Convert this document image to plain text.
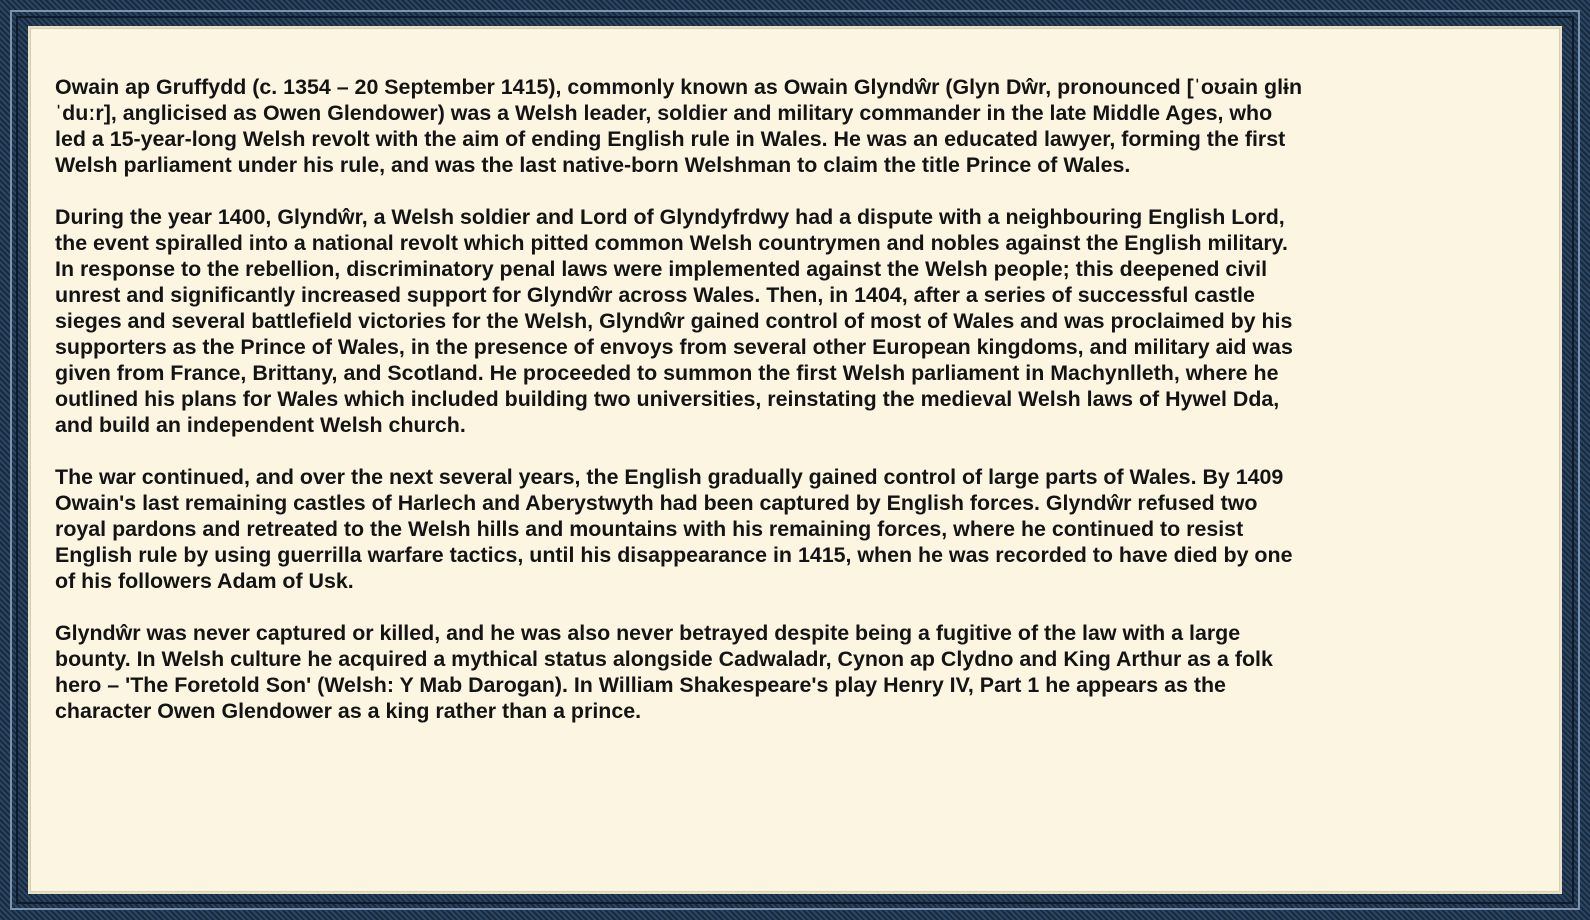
Owain ap Gruffydd (c. 1354 – 20 September 1415), commonly known as Owain Glyndŵr (Glyn Dŵr, pronounced [ˈoʊain glɨnˈduːr], anglicised as Owen Glendower) was a Welsh leader, soldier and military commander in the late Middle Ages, who led a 15-year-long Welsh revolt with the aim of ending English rule in Wales. He was an educated lawyer, forming the first Welsh parliament under his rule, and was the last native-born Welshman to claim the title Prince of Wales.

During the year 1400, Glyndŵr, a Welsh soldier and Lord of Glyndyfrdwy had a dispute with a neighbouring English Lord, the event spiralled into a national revolt which pitted common Welsh countrymen and nobles against the English military. In response to the rebellion, discriminatory penal laws were implemented against the Welsh people; this deepened civil unrest and significantly increased support for Glyndŵr across Wales. Then, in 1404, after a series of successful castle sieges and several battlefield victories for the Welsh, Glyndŵr gained control of most of Wales and was proclaimed by his supporters as the Prince of Wales, in the presence of envoys from several other European kingdoms, and military aid was given from France, Brittany, and Scotland. He proceeded to summon the first Welsh parliament in Machynlleth, where he outlined his plans for Wales which included building two universities, reinstating the medieval Welsh laws of Hywel Dda, and build an independent Welsh church.

The war continued, and over the next several years, the English gradually gained control of large parts of Wales. By 1409 Owain's last remaining castles of Harlech and Aberystwyth had been captured by English forces. Glyndŵr refused two royal pardons and retreated to the Welsh hills and mountains with his remaining forces, where he continued to resist English rule by using guerrilla warfare tactics, until his disappearance in 1415, when he was recorded to have died by one of his followers Adam of Usk.

Glyndŵr was never captured or killed, and he was also never betrayed despite being a fugitive of the law with a large bounty. In Welsh culture he acquired a mythical status alongside Cadwaladr, Cynon ap Clydno and King Arthur as a folk hero – 'The Foretold Son' (Welsh: Y Mab Darogan). In William Shakespeare's play Henry IV, Part 1 he appears as the character Owen Glendower as a king rather than a prince.
